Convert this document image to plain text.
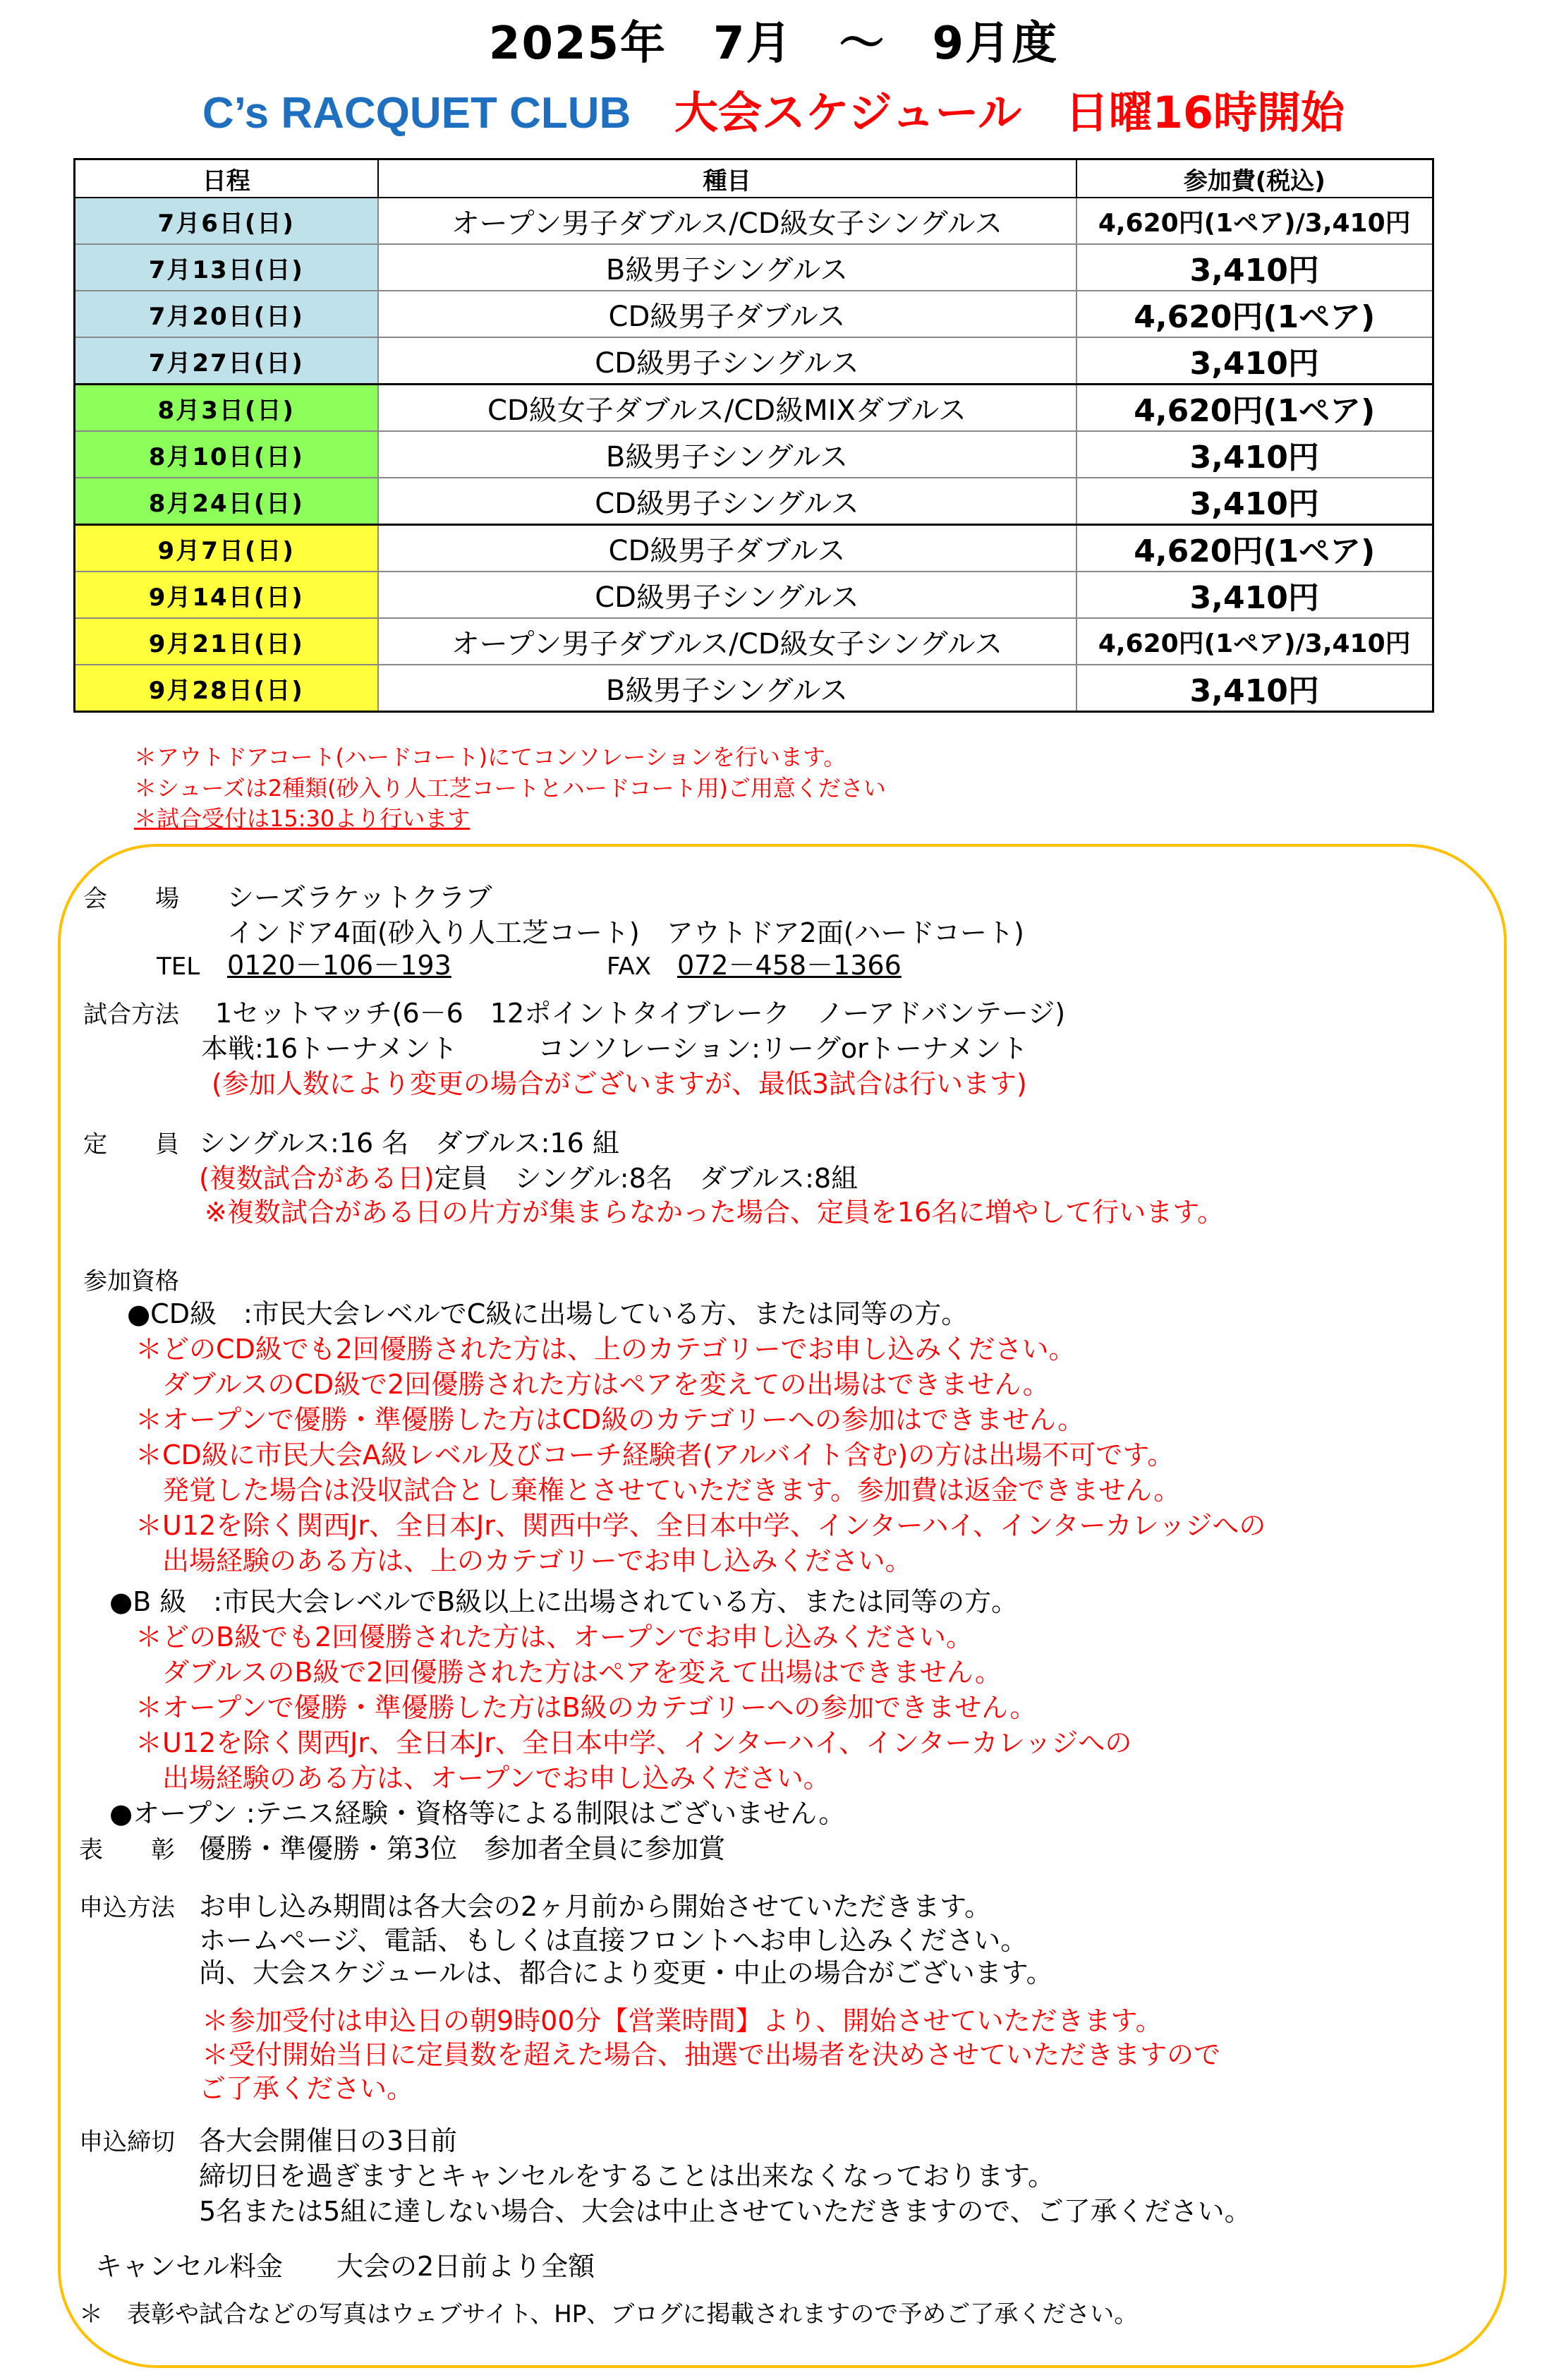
2025年　7月　～　9月度
C’s RACQUET CLUB 大会スケジュール 日曜16時開始
日程	種目	参加費(税込)
7月6日(日)	オープン男子ダブルス/CD級女子シングルス	4,620円(1ペア)/3,410円
7月13日(日)	B級男子シングルス	3,410円
7月20日(日)	CD級男子ダブルス	4,620円(1ペア)
7月27日(日)	CD級男子シングルス	3,410円
8月3日(日)	CD級女子ダブルス/CD級MIXダブルス	4,620円(1ペア)
8月10日(日)	B級男子シングルス	3,410円
8月24日(日)	CD級男子シングルス	3,410円
9月7日(日)	CD級男子ダブルス	4,620円(1ペア)
9月14日(日)	CD級男子シングルス	3,410円
9月21日(日)	オープン男子ダブルス/CD級女子シングルス	4,620円(1ペア)/3,410円
9月28日(日)	B級男子シングルス	3,410円
＊アウトドアコート(ハードコート)にてコンソレーションを行います。
＊シューズは2種類(砂入り人工芝コートとハードコート用)ご用意ください
＊試合受付は15:30より行います
会　　場 シーズラケットクラブ
インドア4面(砂入り人工芝コート)　アウトドア2面(ハードコート)
TEL 0120－106－193	FAX 072－458－1366
試合方法 1セットマッチ(6－6　12ポイントタイブレーク　ノーアドバンテージ)
本戦:16トーナメント　　　コンソレーション:リーグorトーナメント
(参加人数により変更の場合がございますが、最低3試合は行います)
定　　員 シングルス:16 名　ダブルス:16 組
(複数試合がある日)定員　シングル:8名　ダブルス:8組
※複数試合がある日の片方が集まらなかった場合、定員を16名に増やして行います。
参加資格
●CD級　:市民大会レベルでC級に出場している方、または同等の方。
＊どのCD級でも2回優勝された方は、上のカテゴリーでお申し込みください。
　ダブルスのCD級で2回優勝された方はペアを変えての出場はできません。
＊オープンで優勝・準優勝した方はCD級のカテゴリーへの参加はできません。
＊CD級に市民大会A級レベル及びコーチ経験者(アルバイト含む)の方は出場不可です。
　発覚した場合は没収試合とし棄権とさせていただきます。参加費は返金できません。
＊U12を除く関西Jr、全日本Jr、関西中学、全日本中学、インターハイ、インターカレッジへの
　出場経験のある方は、上のカテゴリーでお申し込みください。
●B 級　:市民大会レベルでB級以上に出場されている方、または同等の方。
＊どのB級でも2回優勝された方は、オープンでお申し込みください。
　ダブルスのB級で2回優勝された方はペアを変えて出場はできません。
＊オープンで優勝・準優勝した方はB級のカテゴリーへの参加できません。
＊U12を除く関西Jr、全日本Jr、全日本中学、インターハイ、インターカレッジへの
　出場経験のある方は、オープンでお申し込みください。
●オープン :テニス経験・資格等による制限はございません。
表　　彰 優勝・準優勝・第3位　参加者全員に参加賞
申込方法 お申し込み期間は各大会の2ヶ月前から開始させていただきます。
ホームページ、電話、もしくは直接フロントへお申し込みください。
尚、大会スケジュールは、都合により変更・中止の場合がございます。
＊参加受付は申込日の朝9時00分【営業時間】より、開始させていただきます。
＊受付開始当日に定員数を超えた場合、抽選で出場者を決めさせていただきますので
ご了承ください。
申込締切 各大会開催日の3日前
締切日を過ぎますとキャンセルをすることは出来なくなっております。
5名または5組に達しない場合、大会は中止させていただきますので、ご了承ください。
キャンセル料金　　大会の2日前より全額
＊　表彰や試合などの写真はウェブサイト、HP、ブログに掲載されますので予めご了承ください。
